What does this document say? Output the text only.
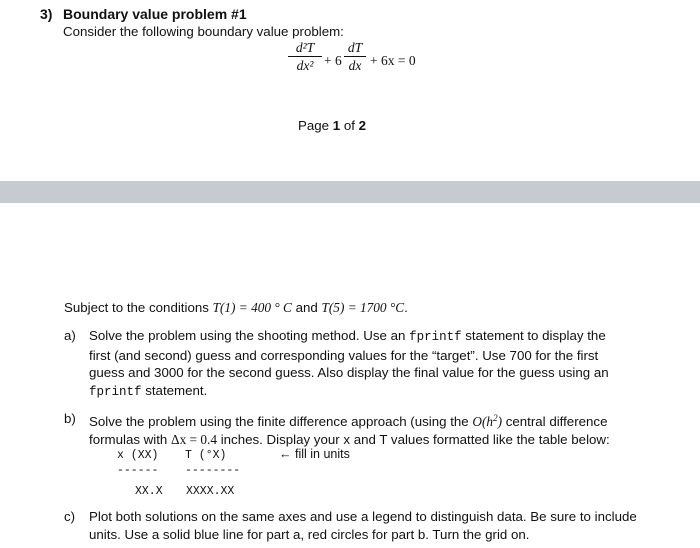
3) Boundary value problem #1
Consider the following boundary value problem:
d²T
dx² + 6
dT
dx + 6x = 0
Page 1 of 2
Subject to the conditions T(1) = 400 ° C and T(5) = 1700 °C.
a) Solve the problem using the shooting method. Use an fprintf statement to display the
first (and second) guess and corresponding values for the “target”. Use 700 for the first
guess and 3000 for the second guess. Also display the final value for the guess using an
fprintf statement.
b) Solve the problem using the finite difference approach (using the $O(h^2)$ central difference
formulas with Δx = 0.4 inches. Display your x and T values formatted like the table below:
x (XX) T (°X)	← fill in units
------ --------
XX.X XXXX.XX
c) Plot both solutions on the same axes and use a legend to distinguish data. Be sure to include
units. Use a solid blue line for part a, red circles for part b. Turn the grid on.
